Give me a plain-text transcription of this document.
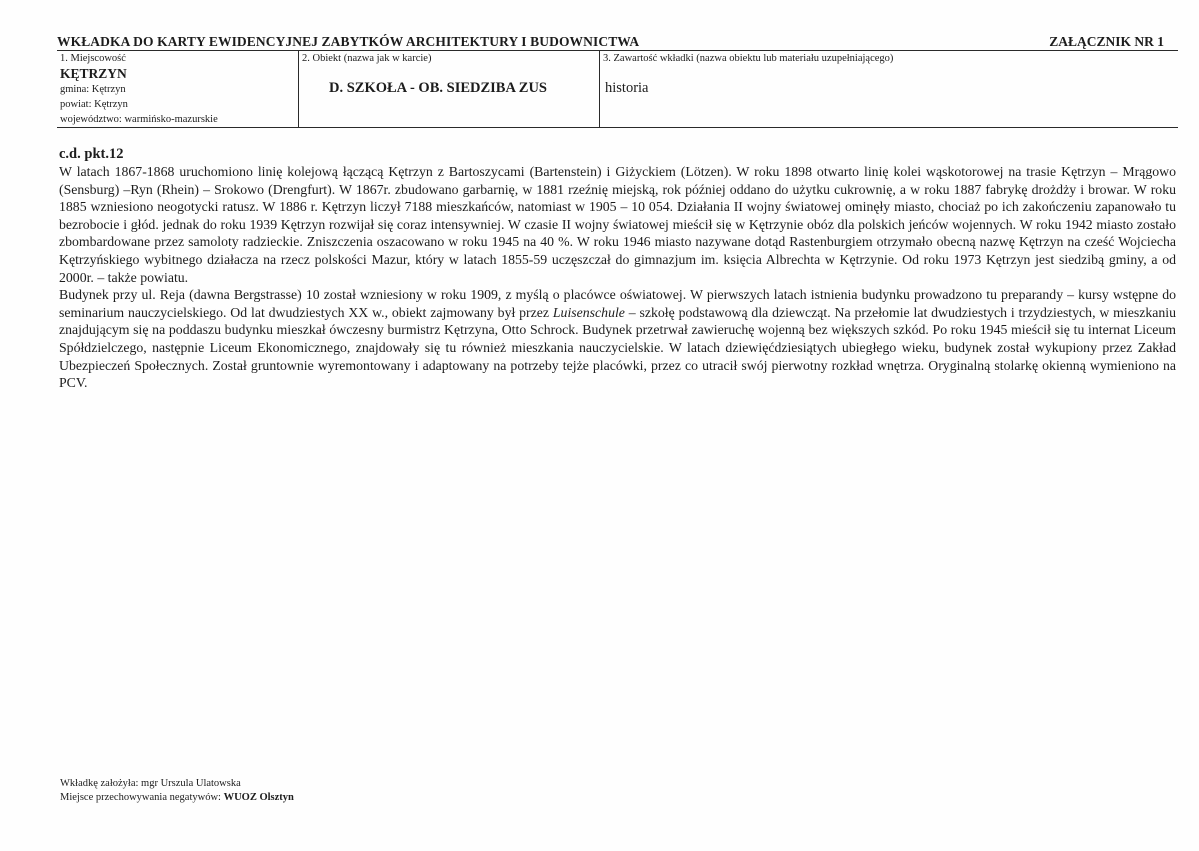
WKŁADKA DO KARTY EWIDENCYJNEJ ZABYTKÓW ARCHITEKTURY I BUDOWNICTWA	ZAŁĄCZNIK NR 1
1. Miejscowość
KĘTRZYN
gmina: Kętrzyn
powiat: Kętrzyn
województwo: warmińsko-mazurskie
2. Obiekt (nazwa jak w karcie)
D. SZKOŁA - OB. SIEDZIBA ZUS
3. Zawartość wkładki (nazwa obiektu lub materiału uzupełniającego)
historia
c.d. pkt.12

W latach 1867-1868 uruchomiono linię kolejową łączącą Kętrzyn z Bartoszycami (Bartenstein) i Giżyckiem (Lötzen). W roku 1898 otwarto linię kolei wąskotorowej na trasie Kętrzyn – Mrągowo (Sensburg) –Ryn (Rhein) – Srokowo (Drengfurt). W 1867r. zbudowano garbarnię, w 1881 rzeźnię miejską, rok później oddano do użytku cukrownię, a w roku 1887 fabrykę drożdży i browar. W roku 1885 wzniesiono neogotycki ratusz. W 1886 r. Kętrzyn liczył 7188 mieszkańców, natomiast w 1905 – 10 054. Działania II wojny światowej ominęły miasto, chociaż po ich zakończeniu zapanowało tu bezrobocie i głód. jednak do roku 1939 Kętrzyn rozwijał się coraz intensywniej. W czasie II wojny światowej mieścił się w Kętrzynie obóz dla polskich jeńców wojennych. W roku 1942 miasto zostało zbombardowane przez samoloty radzieckie. Zniszczenia oszacowano w roku 1945 na 40 %. W roku 1946 miasto nazywane dotąd Rastenburgiem otrzymało obecną nazwę Kętrzyn na cześć Wojciecha Kętrzyńskiego wybitnego działacza na rzecz polskości Mazur, który w latach 1855-59 uczęszczał do gimnazjum im. księcia Albrechta w Kętrzynie. Od roku 1973 Kętrzyn jest siedzibą gminy, a od 2000r. – także powiatu.

Budynek przy ul. Reja (dawna Bergstrasse) 10 został wzniesiony w roku 1909, z myślą o placówce oświatowej. W pierwszych latach istnienia budynku prowadzono tu preparandy – kursy wstępne do seminarium nauczycielskiego. Od lat dwudziestych XX w., obiekt zajmowany był przez Luisenschule – szkołę podstawową dla dziewcząt. Na przełomie lat dwudziestych i trzydziestych, w mieszkaniu znajdującym się na poddaszu budynku mieszkał ówczesny burmistrz Kętrzyna, Otto Schrock. Budynek przetrwał zawieruchę wojenną bez większych szkód. Po roku 1945 mieścił się tu internat Liceum Spółdzielczego, następnie Liceum Ekonomicznego, znajdowały się tu również mieszkania nauczycielskie. W latach dziewięćdziesiątych ubiegłego wieku, budynek został wykupiony przez Zakład Ubezpieczeń Społecznych. Został gruntownie wyremontowany i adaptowany na potrzeby tejże placówki, przez co utracił swój pierwotny rozkład wnętrza. Oryginalną stolarkę okienną wymieniono na PCV.

Wkładkę założyła: mgr Urszula Ulatowska
Miejsce przechowywania negatywów: WUOZ Olsztyn
